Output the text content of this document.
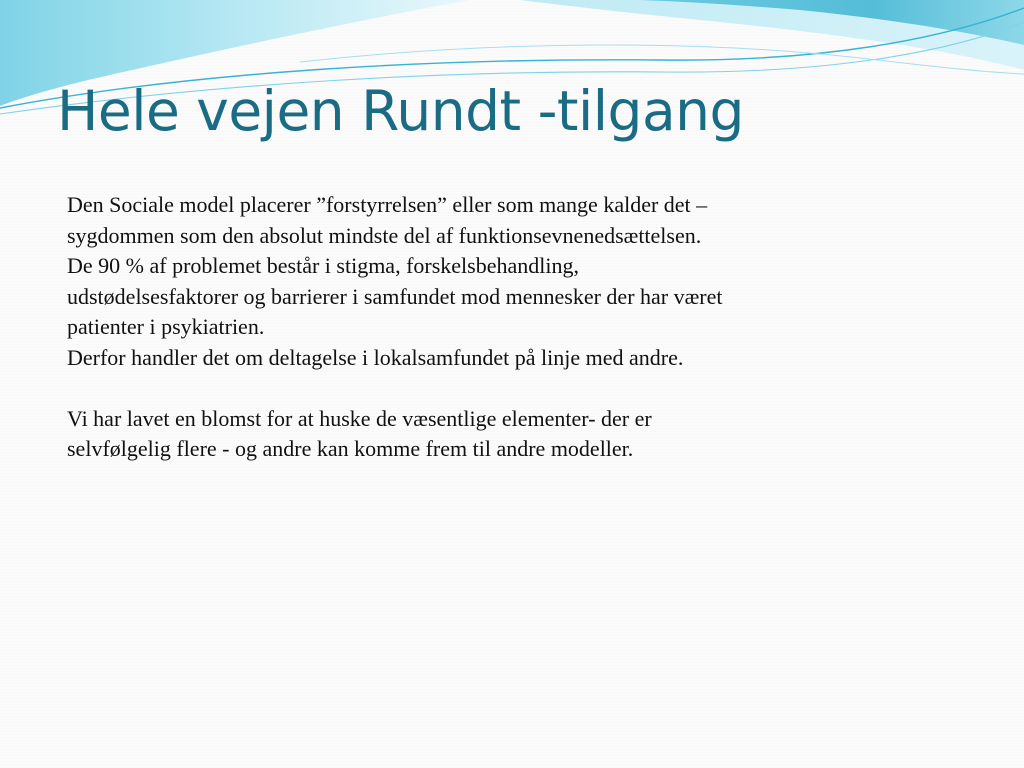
Hele vejen Rundt -tilgang
Den Sociale model placerer ”forstyrrelsen” eller som mange kalder det –
sygdommen som den absolut mindste del af funktionsevnenedsættelsen.
De 90 % af problemet består i stigma, forskelsbehandling,
udstødelsesfaktorer og barrierer i samfundet mod mennesker der har været
patienter i psykiatrien.
Derfor handler det om deltagelse i lokalsamfundet på linje med andre.
Vi har lavet en blomst for at huske de væsentlige elementer- der er
selvfølgelig flere - og andre kan komme frem til andre modeller.
